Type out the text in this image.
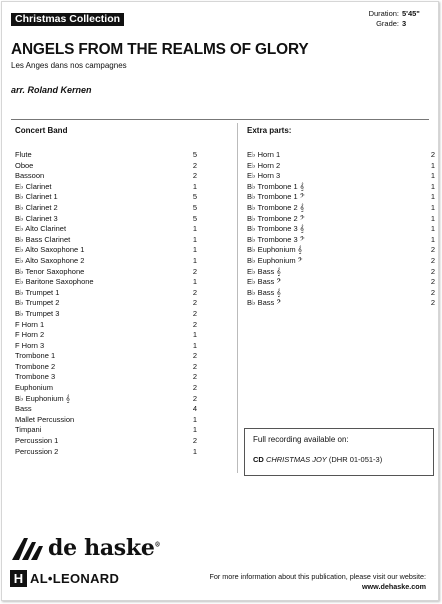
Christmas Collection	Duration: 5'45"
Grade: 3
ANGELS FROM THE REALMS OF GLORY
Les Anges dans nos campagnes
arr. Roland Kernen
Concert Band
Flute	5
Oboe	2
Bassoon	2
E♭ Clarinet	1
B♭ Clarinet 1	5
B♭ Clarinet 2	5
B♭ Clarinet 3	5
E♭ Alto Clarinet	1
B♭ Bass Clarinet	1
E♭ Alto Saxophone 1	1
E♭ Alto Saxophone 2	1
B♭ Tenor Saxophone	2
E♭ Baritone Saxophone	1
B♭ Trumpet 1	2
B♭ Trumpet 2	2
B♭ Trumpet 3	2
F Horn 1	2
F Horn 2	1
F Horn 3	1
Trombone 1	2
Trombone 2	2
Trombone 3	2
Euphonium	2
B♭ Euphonium 𝄞	2
Bass	4
Mallet Percussion	1
Timpani	1
Percussion 1	2
Percussion 2	1
Extra parts:
E♭ Horn 1	2
E♭ Horn 2	1
E♭ Horn 3	1
B♭ Trombone 1 𝄞	1
B♭ Trombone 1 𝄢	1
B♭ Trombone 2 𝄞	1
B♭ Trombone 2 𝄢	1
B♭ Trombone 3 𝄞	1
B♭ Trombone 3 𝄢	1
B♭ Euphonium 𝄞	2
B♭ Euphonium 𝄢	2
E♭ Bass 𝄞	2
E♭ Bass 𝄢	2
B♭ Bass 𝄞	2
B♭ Bass 𝄢	2
Full recording available on:
CD CHRISTMAS JOY (DHR 01-051-3)
de haske®
H AL•LEONARD	For more information about this publication, please visit our website:
www.dehaske.com
